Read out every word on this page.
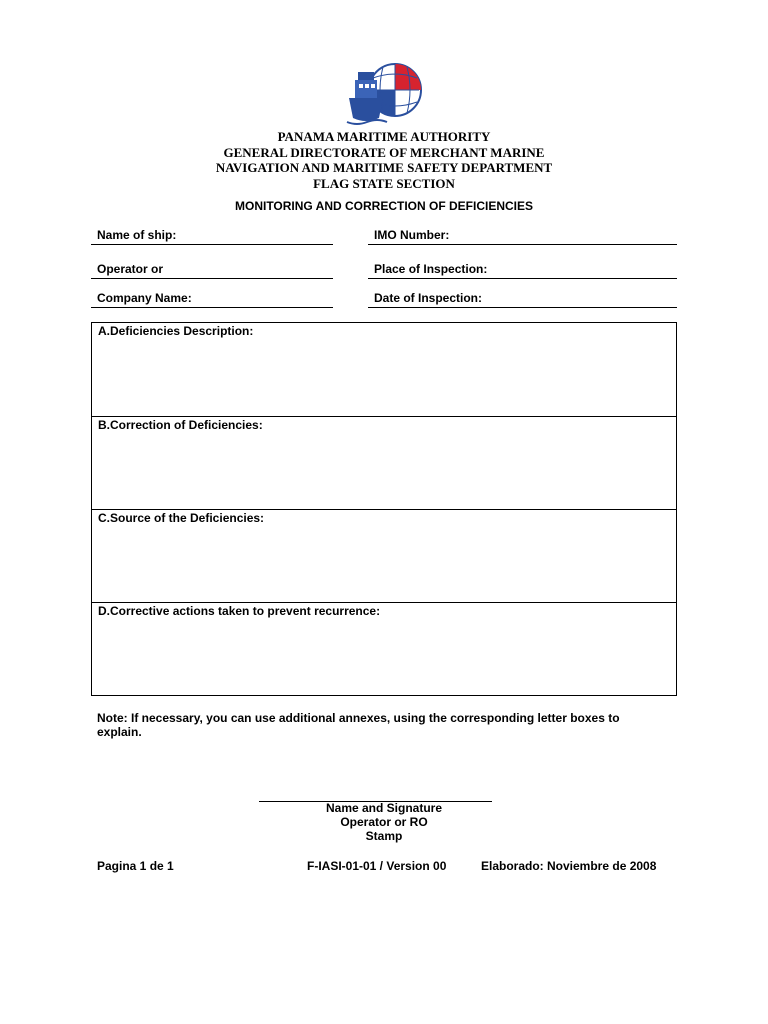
PANAMA MARITIME AUTHORITY
GENERAL DIRECTORATE OF MERCHANT MARINE
NAVIGATION AND MARITIME SAFETY DEPARTMENT
FLAG STATE SECTION
MONITORING AND CORRECTION OF DEFICIENCIES
Name of ship:	IMO Number:
Operator or	Place of Inspection:
Company Name:	Date of Inspection:
A.Deficiencies Description:
B.Correction of Deficiencies:
C.Source of the Deficiencies:
D.Corrective actions taken to prevent recurrence:
Note: If necessary, you can use additional annexes, using the corresponding letter boxes to explain.
Name and Signature
Operator or RO
Stamp
Pagina 1 de 1	F-IASI-01-01 / Version 00	Elaborado: Noviembre de 2008
